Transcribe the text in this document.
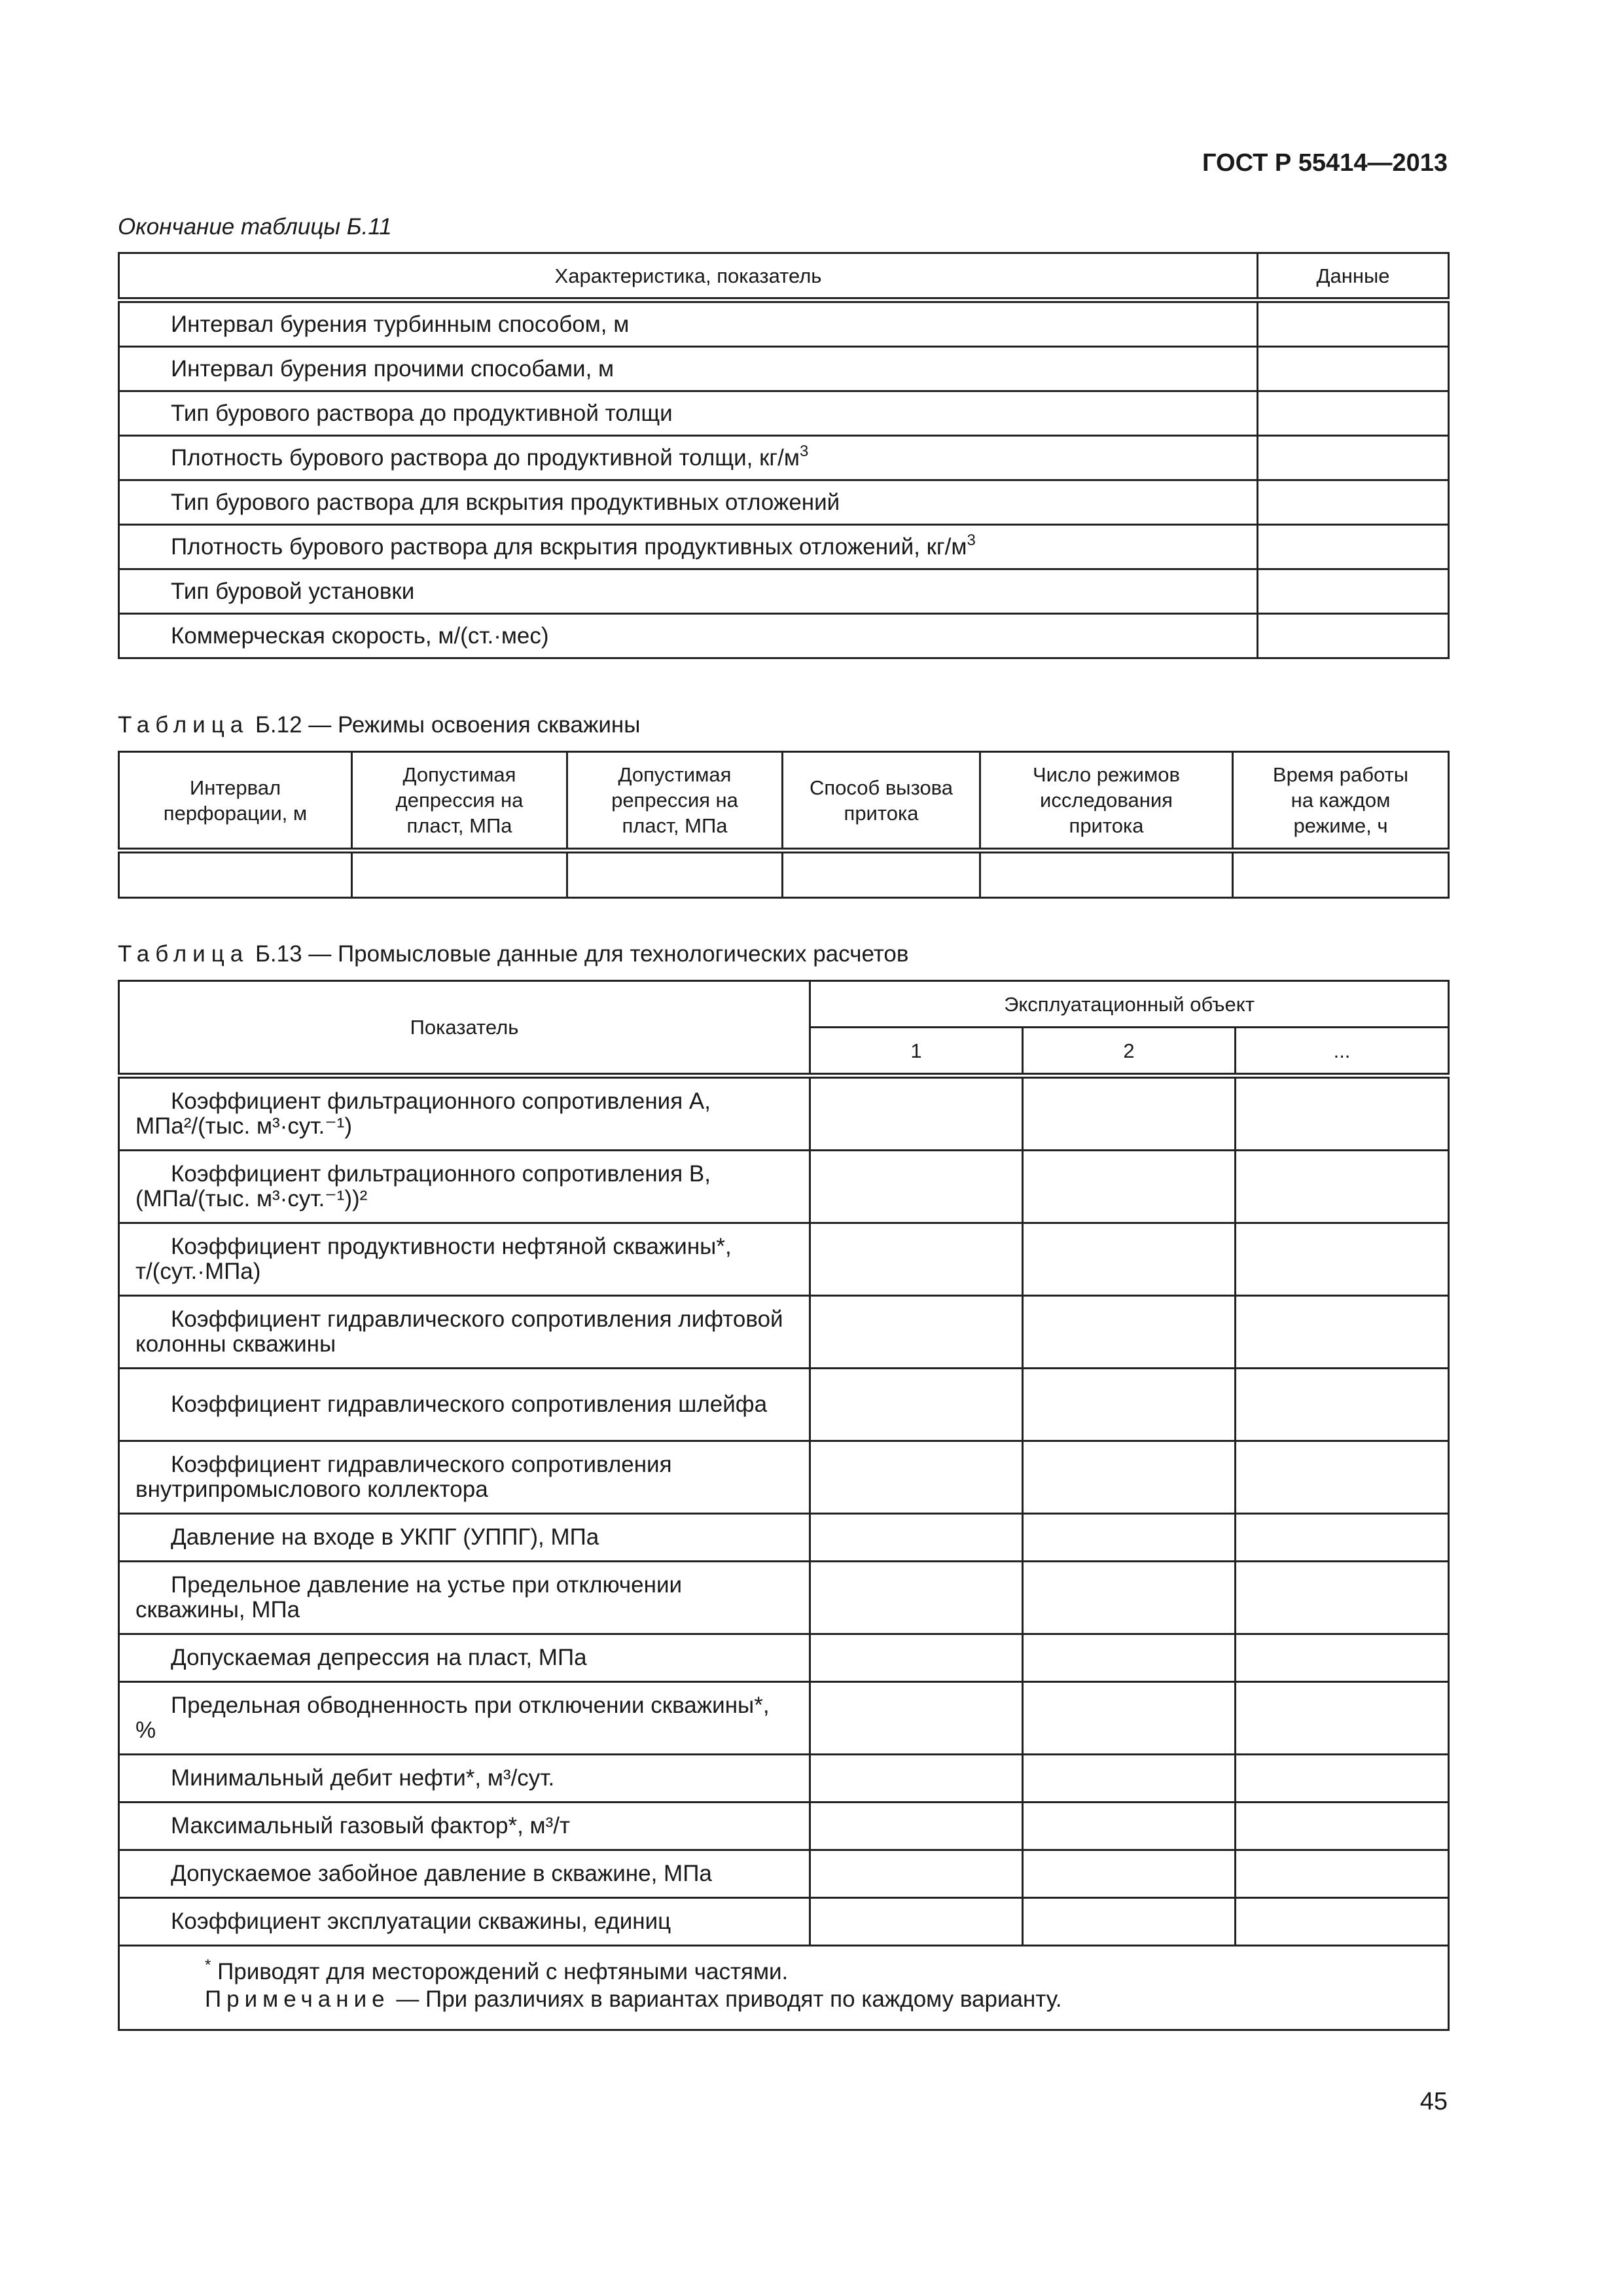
ГОСТ Р 55414—2013
Окончание таблицы Б.11
Характеристика, показатель	Данные
Интервал бурения турбинным способом, м	
Интервал бурения прочими способами, м	
Тип бурового раствора до продуктивной толщи	
Плотность бурового раствора до продуктивной толщи, $кг/м^3$	
Тип бурового раствора для вскрытия продуктивных отложений	
Плотность бурового раствора для вскрытия продуктивных отложений, $кг/м^3$	
Тип буровой установки	
Коммерческая скорость, м/(ст.·мес)	
Таблица Б.12 — Режимы освоения скважины
Интервал перфорации, м	Допустимая депрессия на пласт, МПа	Допустимая репрессия на пласт, МПа	Способ вызова притока	Число режимов исследования притока	Время работы на каждом режиме, ч

Таблица Б.13 — Промысловые данные для технологических расчетов
Показатель	Эксплуатационный объект		
	1	2	...
Коэффициент фильтрационного сопротивления А, МПа²/(тыс. м³·сут.⁻¹)			
Коэффициент фильтрационного сопротивления В, (МПа/(тыс. м³·сут.⁻¹))²			
Коэффициент продуктивности нефтяной скважины*, т/(сут.·МПа)			
Коэффициент гидравлического сопротивления лифтовой колонны скважины			
Коэффициент гидравлического сопротивления шлейфа			
Коэффициент гидравлического сопротивления внутрипромыслового коллектора			
Давление на входе в УКПГ (УППГ), МПа			
Предельное давление на устье при отключении скважины, МПа			
Допускаемая депрессия на пласт, МПа			
Предельная обводненность при отключении скважины*, %			
Минимальный дебит нефти*, м³/сут.			
Максимальный газовый фактор*, м³/т			
Допускаемое забойное давление в скважине, МПа			
Коэффициент эксплуатации скважины, единиц			

* Приводят для месторождений с нефтяными частями.
Примечание — При различиях в вариантах приводят по каждому варианту.			
45
